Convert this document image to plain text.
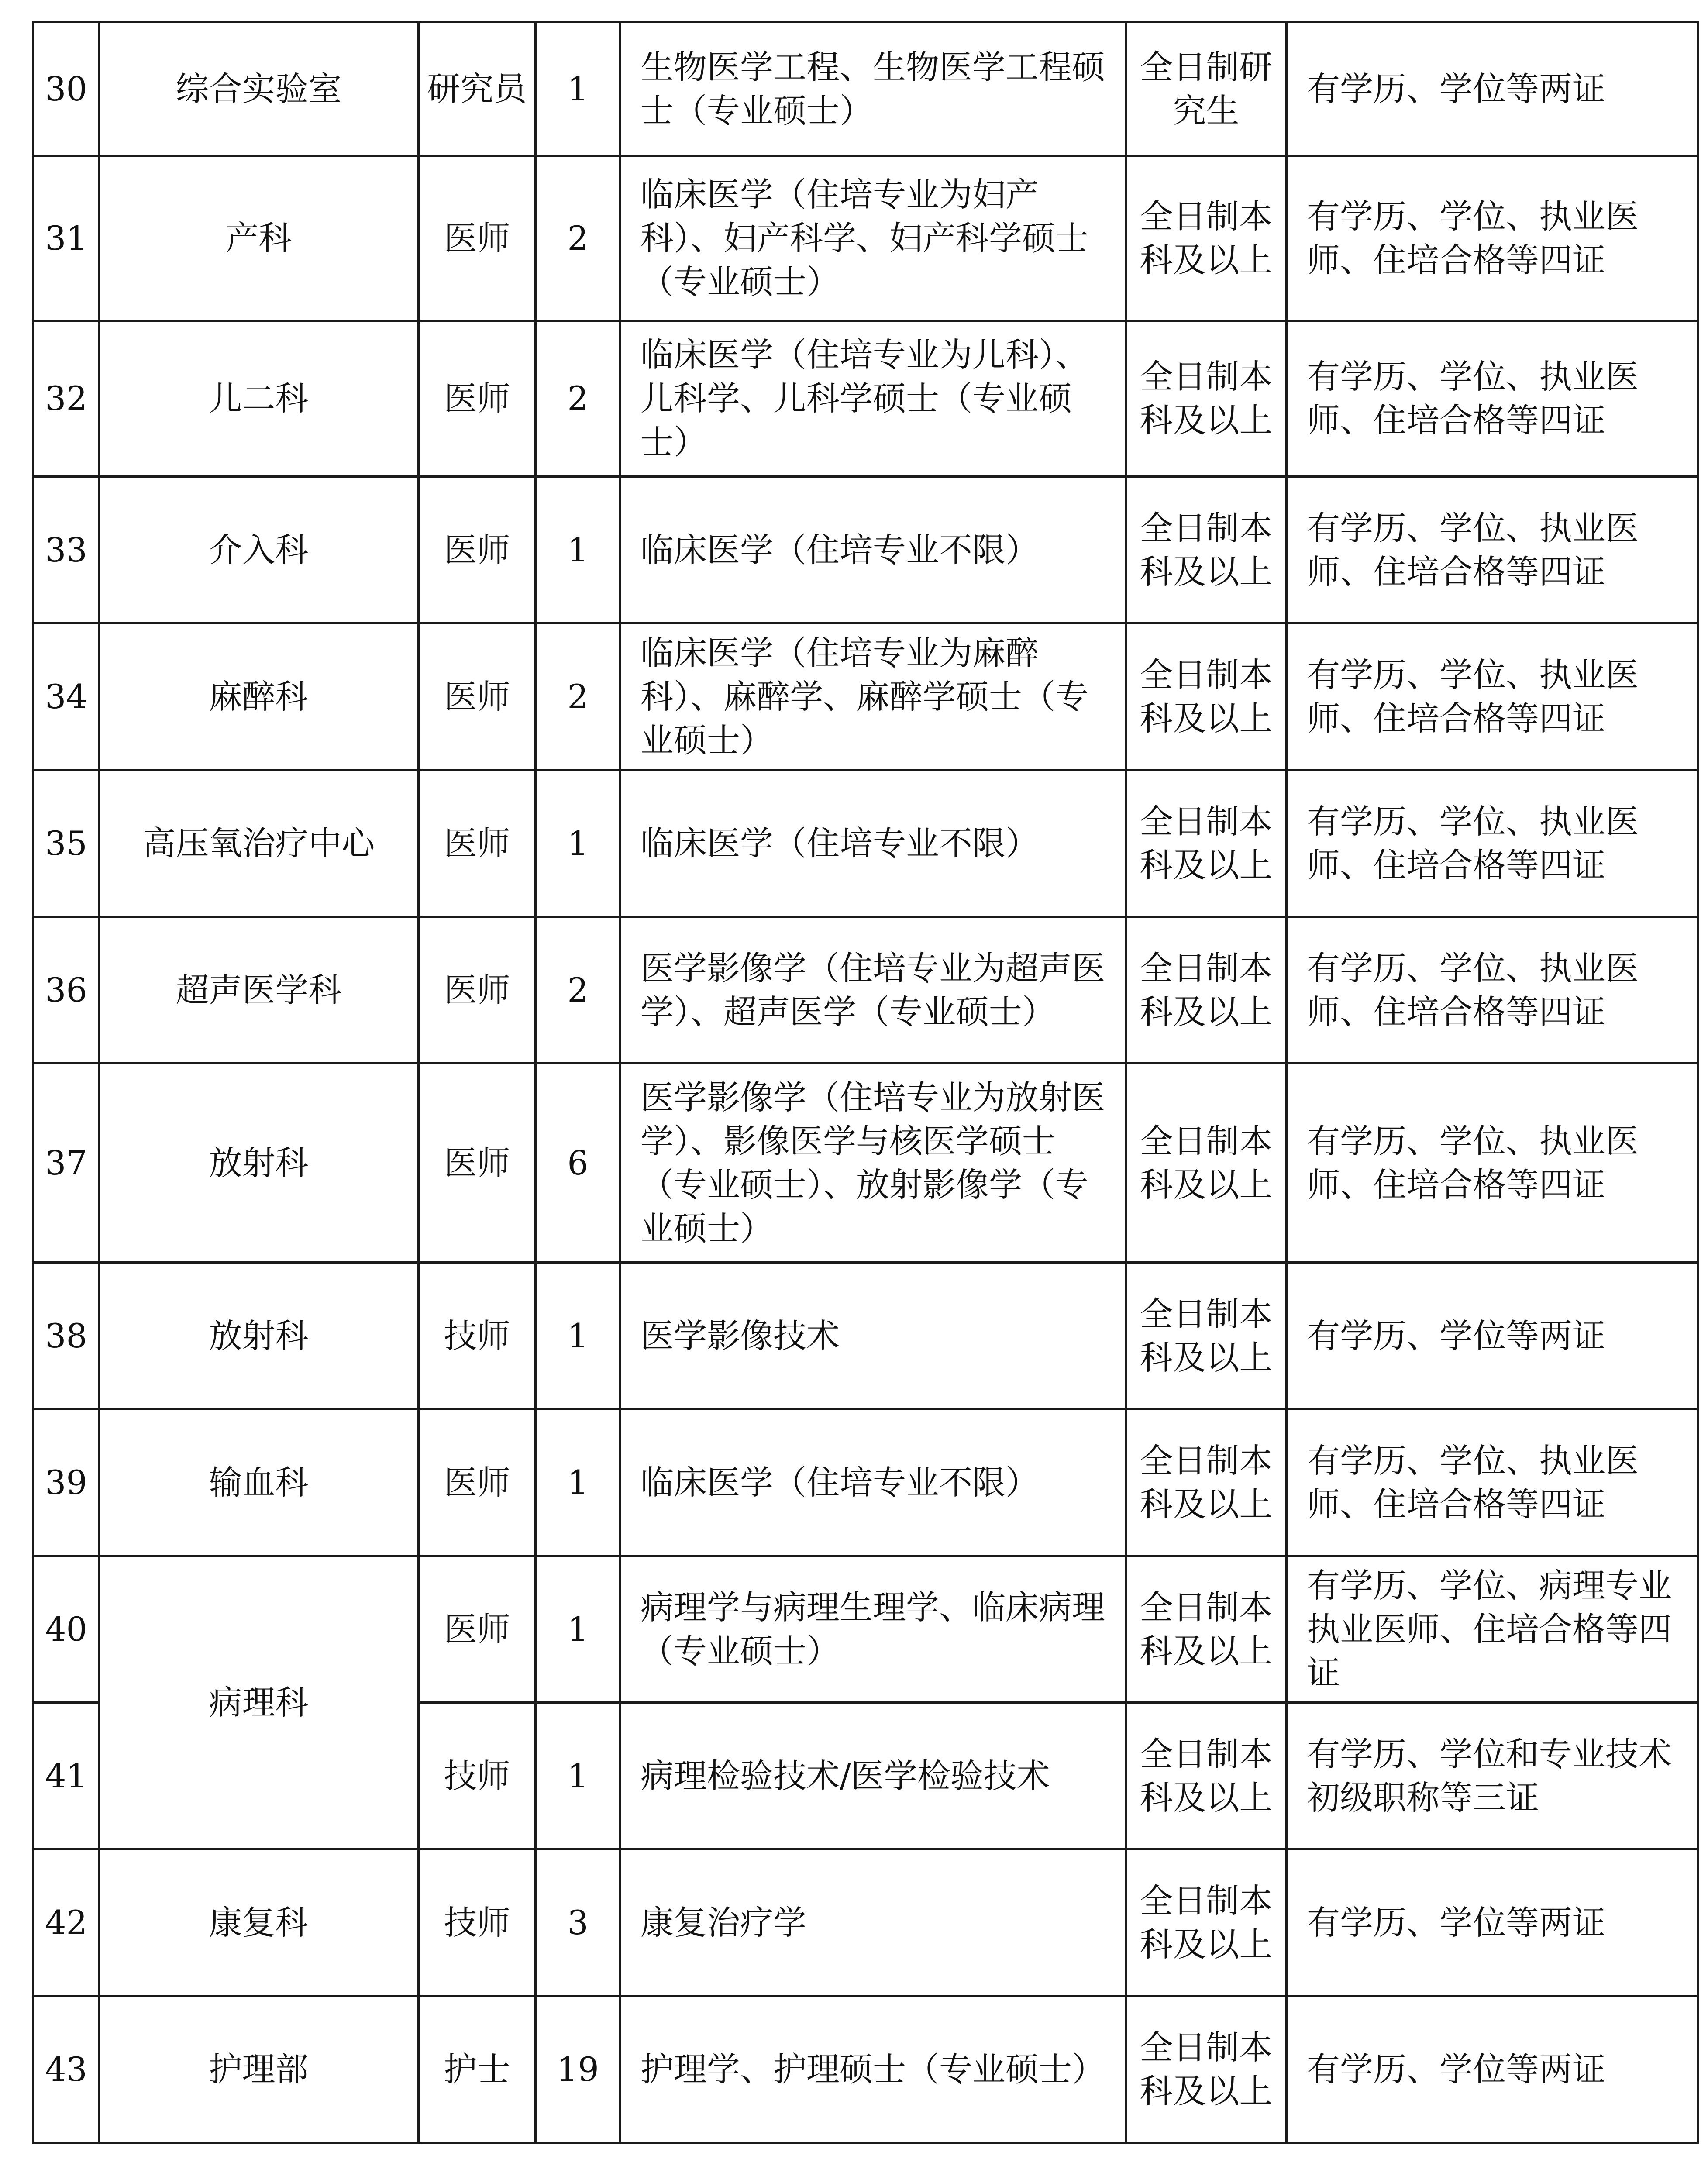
30	综合实验室	研究员	1	生物医学工程、生物医学工程硕士（专业硕士）	全日制研究生	有学历、学位等两证
31	产科	医师	2	临床医学（住培专业为妇产科）、妇产科学、妇产科学硕士（专业硕士）	全日制本科及以上	有学历、学位、执业医师、住培合格等四证
32	儿二科	医师	2	临床医学（住培专业为儿科）、儿科学、儿科学硕士（专业硕士）	全日制本科及以上	有学历、学位、执业医师、住培合格等四证
33	介入科	医师	1	临床医学（住培专业不限）	全日制本科及以上	有学历、学位、执业医师、住培合格等四证
34	麻醉科	医师	2	临床医学（住培专业为麻醉科）、麻醉学、麻醉学硕士（专业硕士）	全日制本科及以上	有学历、学位、执业医师、住培合格等四证
35	高压氧治疗中心	医师	1	临床医学（住培专业不限）	全日制本科及以上	有学历、学位、执业医师、住培合格等四证
36	超声医学科	医师	2	医学影像学（住培专业为超声医学）、超声医学（专业硕士）	全日制本科及以上	有学历、学位、执业医师、住培合格等四证
37	放射科	医师	6	医学影像学（住培专业为放射医学）、影像医学与核医学硕士（专业硕士）、放射影像学（专业硕士）	全日制本科及以上	有学历、学位、执业医师、住培合格等四证
38	放射科	技师	1	医学影像技术	全日制本科及以上	有学历、学位等两证
39	输血科	医师	1	临床医学（住培专业不限）	全日制本科及以上	有学历、学位、执业医师、住培合格等四证
40	病理科	医师	1	病理学与病理生理学、临床病理（专业硕士）	全日制本科及以上	有学历、学位、病理专业执业医师、住培合格等四证
41		技师	1	病理检验技术/医学检验技术	全日制本科及以上	有学历、学位和专业技术初级职称等三证
42	康复科	技师	3	康复治疗学	全日制本科及以上	有学历、学位等两证
43	护理部	护士	19	护理学、护理硕士（专业硕士）	全日制本科及以上	有学历、学位等两证
